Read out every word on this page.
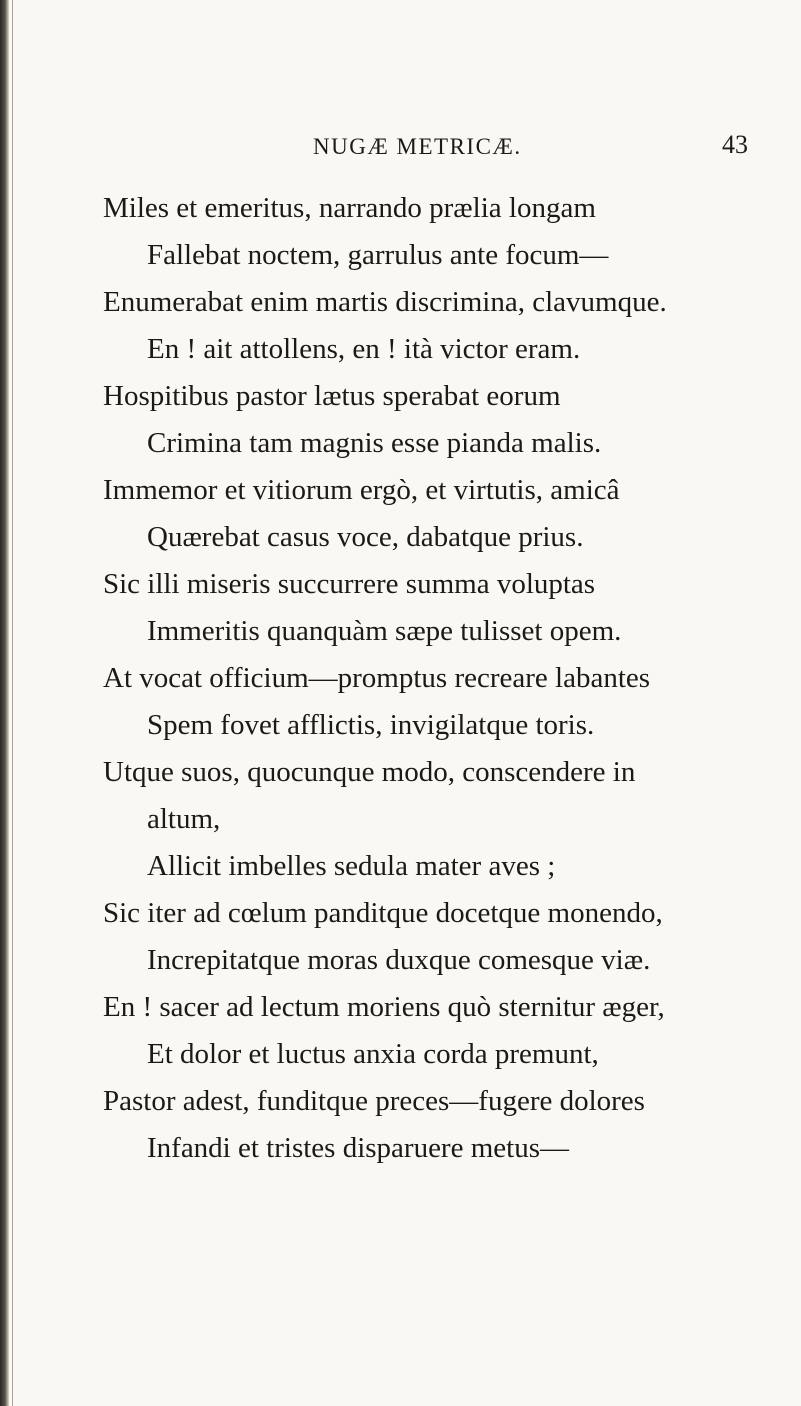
NUGÆ METRICÆ.	43
Miles et emeritus, narrando prælia longam
Fallebat noctem, garrulus ante focum—
Enumerabat enim martis discrimina, clavumque.
En ! ait attollens, en ! ità victor eram.
Hospitibus pastor lætus sperabat eorum
Crimina tam magnis esse pianda malis.
Immemor et vitiorum ergò, et virtutis, amicâ
Quærebat casus voce, dabatque prius.
Sic illi miseris succurrere summa voluptas
Immeritis quanquàm sæpe tulisset opem.
At vocat officium—promptus recreare labantes
Spem fovet afflictis, invigilatque toris.
Utque suos, quocunque modo, conscendere in
altum,
Allicit imbelles sedula mater aves ;
Sic iter ad cœlum panditque docetque monendo,
Increpitatque moras duxque comesque viæ.
En ! sacer ad lectum moriens quò sternitur æger,
Et dolor et luctus anxia corda premunt,
Pastor adest, funditque preces—fugere dolores
Infandi et tristes disparuere metus—
